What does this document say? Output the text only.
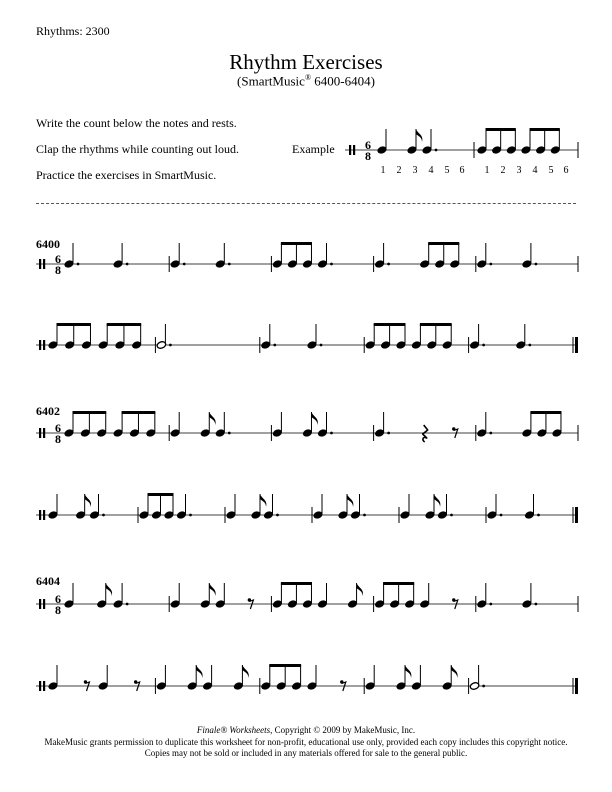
Rhythms: 2300
Rhythm Exercises
(SmartMusic® 6400-6404)
Write the count below the notes and rests.
Clap the rhythms while counting out loud.
Practice the exercises in SmartMusic.
Example
6400
6402
6404
6
8
1 2 3 4 5 6 1 2 3 4 5 6
6
8
6
8
6
8
Finale® Worksheets, Copyright © 2009 by MakeMusic, Inc.
MakeMusic grants permission to duplicate this worksheet for non-profit, educational use only, provided each copy includes this copyright notice.
Copies may not be sold or included in any materials offered for sale to the general public.
